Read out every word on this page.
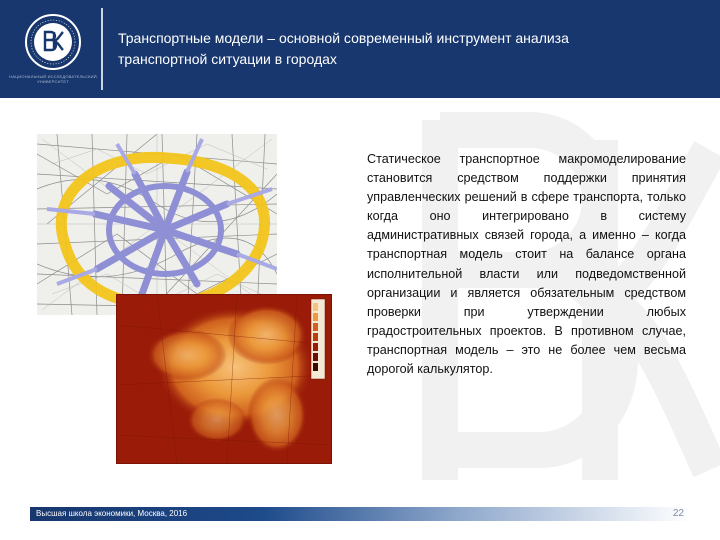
НАЦИОНАЛЬНЫЙ ИССЛЕДОВАТЕЛЬСКИЙ УНИВЕРСИТЕТ
Транспортные модели – основной современный инструмент анализа
транспортной ситуации в городах
Статическое транспортное макромоделирование становится средством поддержки принятия управленческих решений в сфере транспорта, только когда оно интегрировано в систему административных связей города, а именно – когда транспортная модель стоит на балансе органа исполнительной власти или подведомственной организации и является обязательным средством проверки при утверждении любых градостроительных проектов. В противном случае, транспортная модель – это не более чем весьма дорогой калькулятор.
Высшая школа экономики, Москва, 2016	22
